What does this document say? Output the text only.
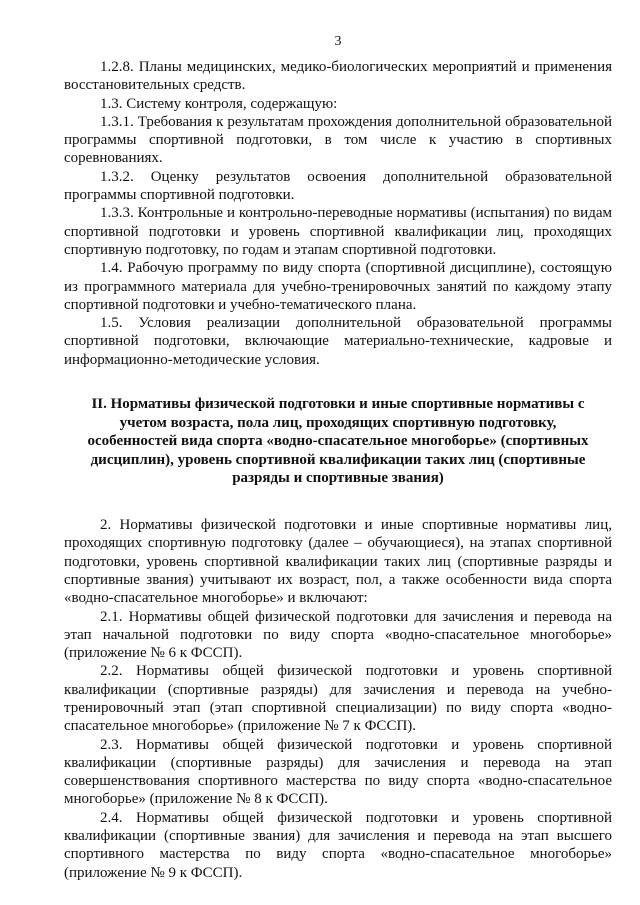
3

1.2.8. Планы медицинских, медико-биологических мероприятий и применения восстановительных средств.

1.3. Систему контроля, содержащую:

1.3.1. Требования к результатам прохождения дополнительной образовательной программы спортивной подготовки, в том числе к участию в спортивных соревнованиях.

1.3.2. Оценку результатов освоения дополнительной образовательной программы спортивной подготовки.

1.3.3. Контрольные и контрольно-переводные нормативы (испытания) по видам спортивной подготовки и уровень спортивной квалификации лиц, проходящих спортивную подготовку, по годам и этапам спортивной подготовки.

1.4. Рабочую программу по виду спорта (спортивной дисциплине), состоящую из программного материала для учебно-тренировочных занятий по каждому этапу спортивной подготовки и учебно-тематического плана.

1.5. Условия реализации дополнительной образовательной программы спортивной подготовки, включающие материально-технические, кадровые и информационно-методические условия.

II. Нормативы физической подготовки и иные спортивные нормативы с учетом возраста, пола лиц, проходящих спортивную подготовку, особенностей вида спорта «водно-спасательное многоборье» (спортивных дисциплин), уровень спортивной квалификации таких лиц (спортивные разряды и спортивные звания)

2. Нормативы физической подготовки и иные спортивные нормативы лиц, проходящих спортивную подготовку (далее – обучающиеся), на этапах спортивной подготовки, уровень спортивной квалификации таких лиц (спортивные разряды и спортивные звания) учитывают их возраст, пол, а также особенности вида спорта «водно-спасательное многоборье» и включают:

2.1. Нормативы общей физической подготовки для зачисления и перевода на этап начальной подготовки по виду спорта «водно-спасательное многоборье» (приложение № 6 к ФССП).

2.2. Нормативы общей физической подготовки и уровень спортивной квалификации (спортивные разряды) для зачисления и перевода на учебно-тренировочный этап (этап спортивной специализации) по виду спорта «водно-спасательное многоборье» (приложение № 7 к ФССП).

2.3. Нормативы общей физической подготовки и уровень спортивной квалификации (спортивные разряды) для зачисления и перевода на этап совершенствования спортивного мастерства по виду спорта «водно-спасательное многоборье» (приложение № 8 к ФССП).

2.4. Нормативы общей физической подготовки и уровень спортивной квалификации (спортивные звания) для зачисления и перевода на этап высшего спортивного мастерства по виду спорта «водно-спасательное многоборье» (приложение № 9 к ФССП).
